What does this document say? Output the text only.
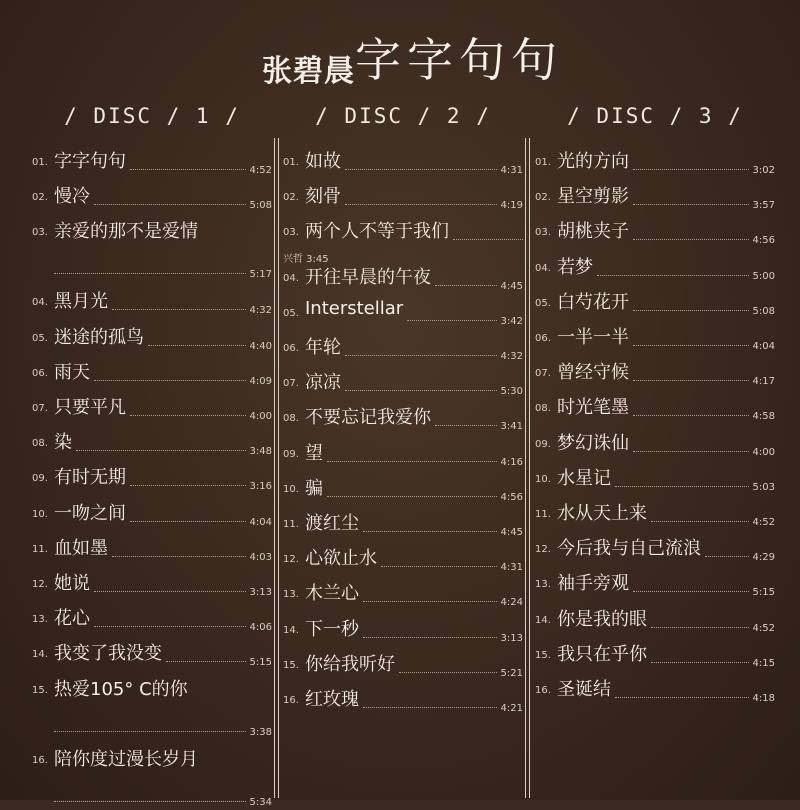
张碧晨 字字句句
/ DISC / 1 /
01. 字字句句	4:52
02. 慢冷	5:08
03. 亲爱的那不是爱情
5:17
04. 黑月光	4:32
05. 迷途的孤鸟	4:40
06. 雨天	4:09
07. 只要平凡	4:00
08. 染	3:48
09. 有时无期	3:16
10. 一吻之间	4:04
11. 血如墨	4:03
12. 她说	3:13
13. 花心	4:06
14. 我变了我没变	5:15
15. 热爱105° C的你
3:38
16. 陪你度过漫长岁月
5:34
/ DISC / 2 /
01. 如故	4:31
02. 刻骨	4:19
03. 两个人不等于我们
兴哲 3:45
04. 开往早晨的午夜	4:45
05. Interstellar
3:42
06. 年轮	4:32
07. 凉凉	5:30
08. 不要忘记我爱你	3:41
09. 望	4:16
10. 骗	4:56
11. 渡红尘	4:45
12. 心欲止水	4:31
13. 木兰心	4:24
14. 下一秒	3:13
15. 你给我听好	5:21
16. 红玫瑰	4:21
/ DISC / 3 /
01. 光的方向	3:02
02. 星空剪影	3:57
03. 胡桃夹子	4:56
04. 若梦	5:00
05. 白芍花开	5:08
06. 一半一半	4:04
07. 曾经守候	4:17
08. 时光笔墨	4:58
09. 梦幻诛仙	4:00
10. 水星记	5:03
11. 水从天上来	4:52
12. 今后我与自己流浪	4:29
13. 袖手旁观	5:15
14. 你是我的眼	4:52
15. 我只在乎你	4:15
16. 圣诞结	4:18
